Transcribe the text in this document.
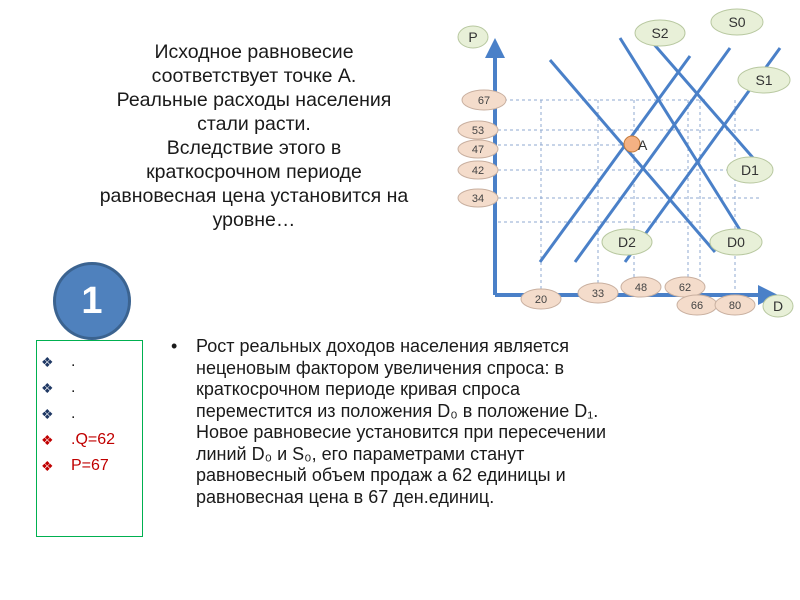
Исходное равновесие
соответствует точке А.
Реальные расходы населения
стали расти.
Вследствие этого в
краткосрочном периоде
равновесная цена установится на
уровне…
1
❖ .
❖ .
❖ .
❖ .Q=62
❖ P=67
• Рост реальных доходов населения является
неценовым фактором увеличения спроса: в
краткосрочном периоде кривая спроса
переместится из положения D₀ в положение D₁.
Новое равновесие установится при пересечении
линий D₀ и S₀, его параметрами станут
равновесный объем продаж а 62 единицы и
равновесная цена в 67 ден.единиц.
A
P
D
S2
S0
S1
D1
D2	D0
67
53
47
42
34
20	33	48	62
66 80
